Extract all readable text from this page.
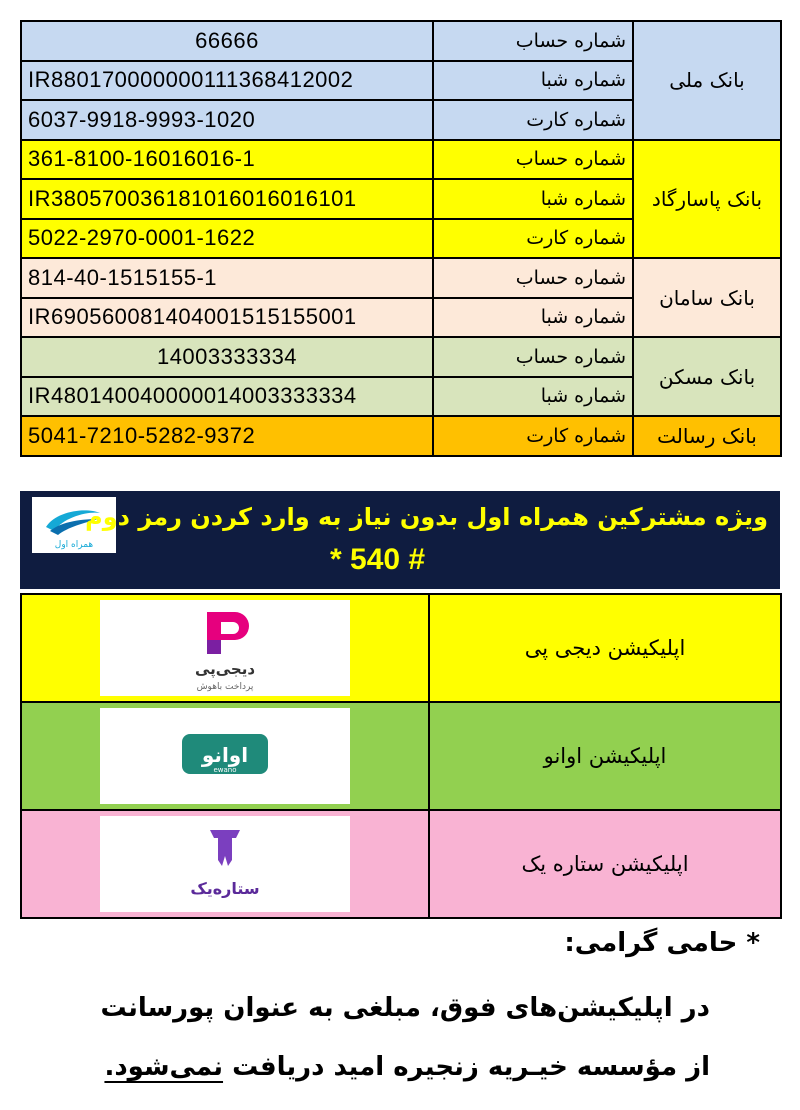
66666	شماره حساب	بانک ملی
IR880170000000111368412002	شماره شبا	
6037-9918-9993-1020	شماره کارت	
361-8100-16016016-1	شماره حساب	بانک پاسارگاد
IR380570036181016016016101	شماره شبا	
5022-2970-0001-1622	شماره کارت	
814-40-1515155-1	شماره حساب	بانک سامان
IR690560081404001515155001	شماره شبا	
14003333334	شماره حساب	بانک مسکن
IR480140040000014003333334	شماره شبا	
5041-7210-5282-9372	شماره کارت	بانک رسالت
همراه اول
ویژه مشترکین همراه اول بدون نیاز به وارد کردن رمز دوم
* 540 #
دیجی‌پی
پرداخت باهوش	اپلیکیشن دیجی پی

اوانو
ewano	اپلیکیشن اوانو

ستاره‌یک	اپلیکیشن ستاره یک
* حامی گرامی:
در اپلیکیشن‌های فوق، مبلغی به عنوان پورسانت
از مؤسسه خیـریه زنجیره امید دریافت نمی‌شود.
